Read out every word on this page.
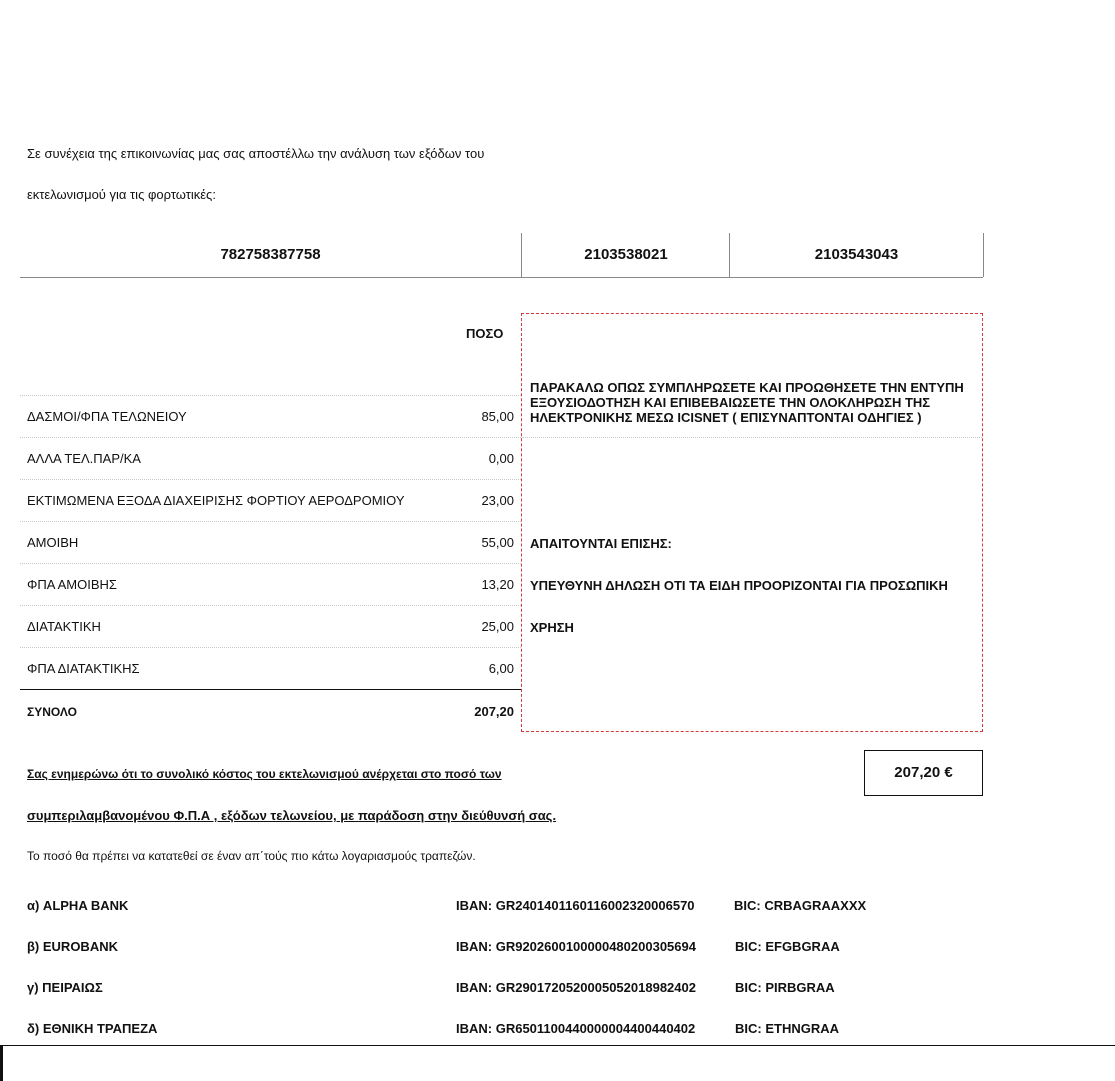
Σε συνέχεια της επικοινωνίας μας σας αποστέλλω την ανάλυση των εξόδων του
εκτελωνισμού για τις φορτωτικές:
782758387758	2103538021	2103543043
ΠΟΣΟ
ΔΑΣΜΟΙ/ΦΠΑ ΤΕΛΩΝΕΙΟΥ	85,00
ΑΛΛΑ ΤΕΛ.ΠΑΡ/ΚΑ	0,00
ΕΚΤΙΜΩΜΕΝΑ ΕΞΟΔΑ ΔΙΑΧΕΙΡΙΣΗΣ ΦΟΡΤΙΟΥ ΑΕΡΟΔΡΟΜΙΟΥ	23,00
ΑΜΟΙΒΗ	55,00
ΦΠΑ ΑΜΟΙΒΗΣ	13,20
ΔΙΑΤΑΚΤΙΚΗ	25,00
ΦΠΑ ΔΙΑΤΑΚΤΙΚΗΣ	6,00
ΣΥΝΟΛΟ	207,20
ΠΑΡΑΚΑΛΩ ΟΠΩΣ ΣΥΜΠΛΗΡΩΣΕΤΕ ΚΑΙ ΠΡΟΩΘΗΣΕΤΕ ΤΗΝ ΕΝΤΥΠΗ ΕΞΟΥΣΙΟΔΟΤΗΣΗ ΚΑΙ ΕΠΙΒΕΒΑΙΩΣΕΤΕ ΤΗΝ ΟΛΟΚΛΗΡΩΣΗ ΤΗΣ ΗΛΕΚΤΡΟΝΙΚΗΣ ΜΕΣΩ ICISNET ( ΕΠΙΣΥΝΑΠΤΟΝΤΑΙ ΟΔΗΓΙΕΣ )
ΑΠΑΙΤΟΥΝΤΑΙ ΕΠΙΣΗΣ:
ΥΠΕΥΘΥΝΗ ΔΗΛΩΣΗ ΟΤΙ ΤΑ ΕΙΔΗ ΠΡΟΟΡΙΖΟΝΤΑΙ ΓΙΑ ΠΡΟΣΩΠΙΚΗ
ΧΡΗΣΗ
Σας ενημερώνω ότι το συνολικό κόστος του εκτελωνισμού ανέρχεται στο ποσό των
συμπεριλαμβανομένου Φ.Π.Α , εξόδων τελωνείου, με παράδοση στην διεύθυνσή σας.
207,20 €
Το ποσό θα πρέπει να κατατεθεί σε έναν απ΄τούς πιο κάτω λογαριασμούς τραπεζών.
α) ALPHA BANK	IBAN: GR2401401160116002320006570	BIC: CRBAGRAAXXX
β) EUROBANK	IBAN: GR9202600100000480200305694	BIC: EFGBGRAA
γ) ΠΕΙΡΑΙΩΣ	IBAN: GR2901720520005052018982402	BIC: PIRBGRAA
δ) ΕΘΝΙΚΗ ΤΡΑΠΕΖΑ	IBAN: GR6501100440000004400440402	BIC: ETHNGRAA
